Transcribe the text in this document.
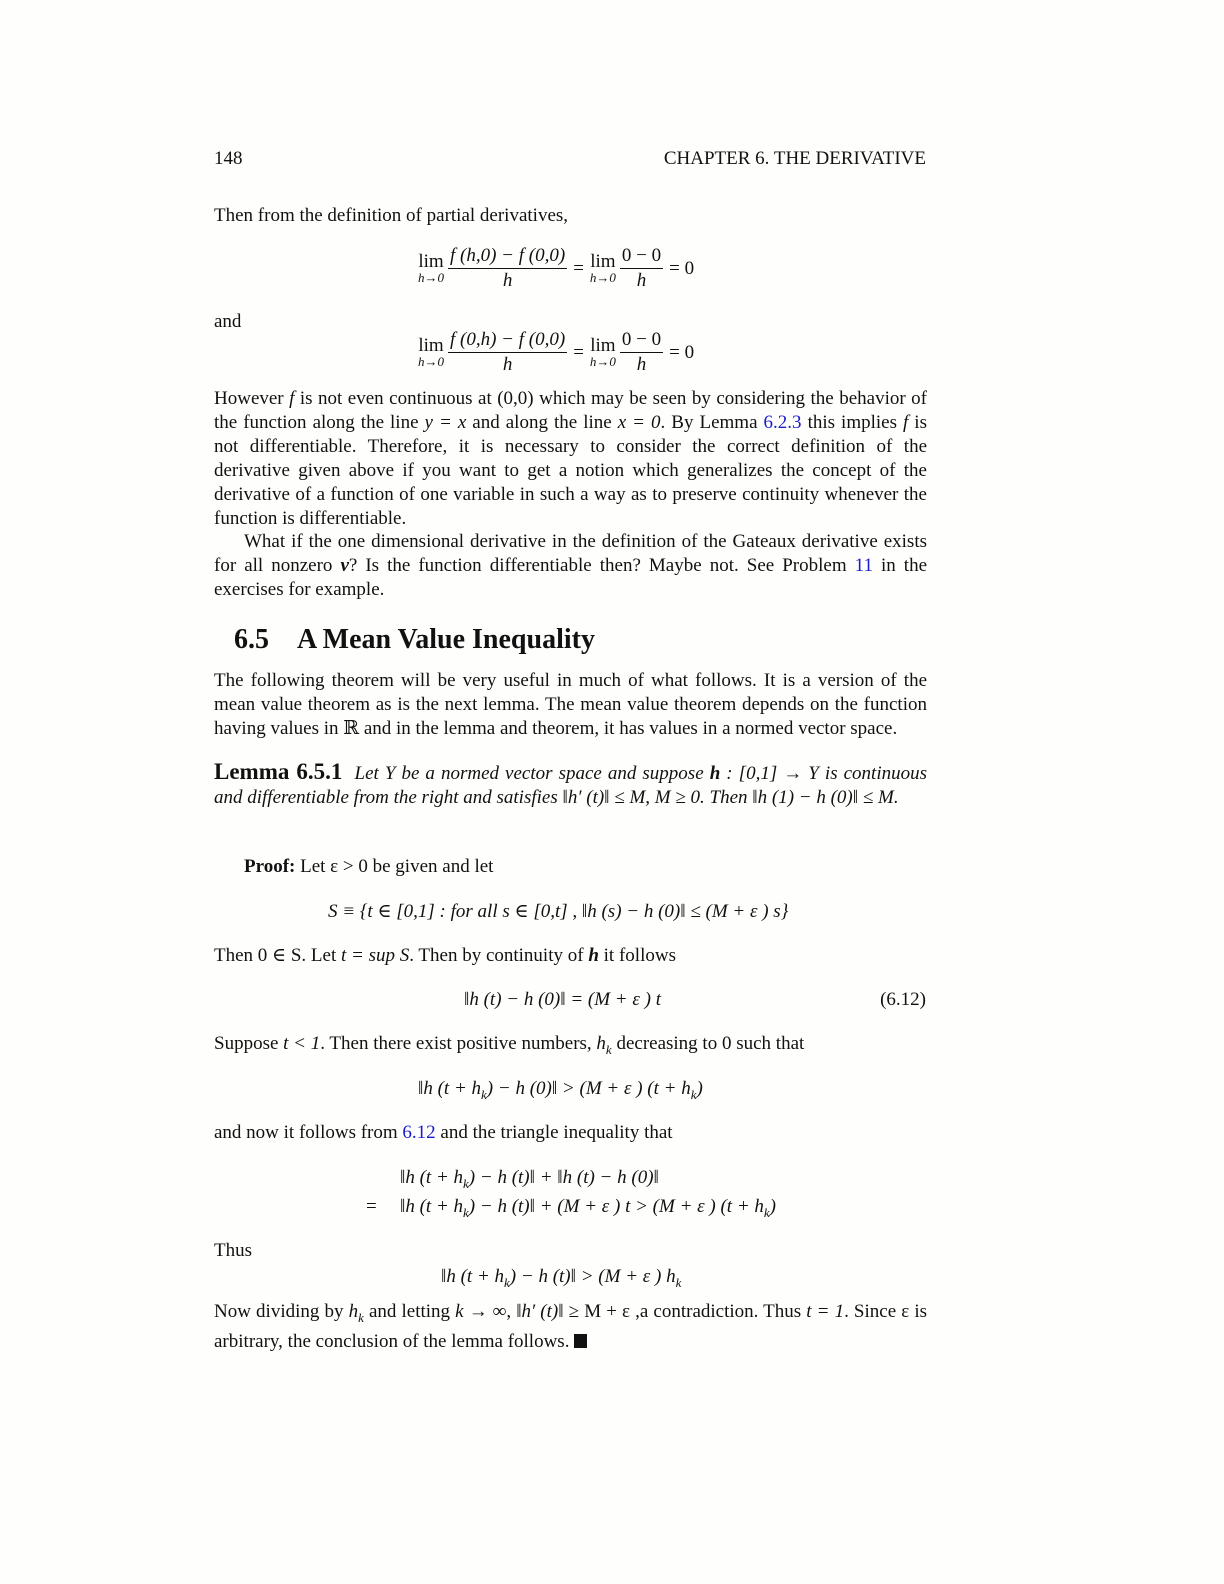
148	CHAPTER 6. THE DERIVATIVE
Then from the definition of partial derivatives,
lim
$h\to 0 \frac{f (h,0) - f (0,0)}{h} = \lim$
$h\to 0 \frac{0 - 0}{h} = 0$
and
lim
$h\to 0 \frac{f (0,h) - f (0,0)}{h} = \lim$
$h\to 0 \frac{0 - 0}{h} = 0$
However f is not even continuous at (0,0) which may be seen by considering the behavior of the function along the line y = x and along the line x = 0. By Lemma 6.2.3 this implies f is not differentiable. Therefore, it is necessary to consider the correct definition of the derivative given above if you want to get a notion which generalizes the concept of the derivative of a function of one variable in such a way as to preserve continuity whenever the function is differentiable.
What if the one dimensional derivative in the definition of the Gateaux derivative exists for all nonzero v? Is the function differentiable then? Maybe not. See Problem 11 in the exercises for example.
6.5 A Mean Value Inequality
The following theorem will be very useful in much of what follows. It is a version of the mean value theorem as is the next lemma. The mean value theorem depends on the function having values in ℝ and in the lemma and theorem, it has values in a normed vector space.
Lemma 6.5.1 Let Y be a normed vector space and suppose h : [0,1] → Y is continuous and differentiable from the right and satisfies ‖h′ (t)‖ ≤ M, M ≥ 0. Then ‖h (1) − h (0)‖ ≤ M.
Proof: Let ε > 0 be given and let
S ≡ {t ∈ [0,1] : for all s ∈ [0,t] , ‖h (s) − h (0)‖ ≤ (M + ε ) s}
Then 0 ∈ S. Let t = sup S. Then by continuity of h it follows
‖h (t) − h (0)‖ = (M + ε ) t	(6.12)
Suppose t < 1. Then there exist positive numbers, $h_k$ decreasing to 0 such that
‖h $(t + h_k) - h$ (0)‖ > (M + ε ) $(t + h_k)$
and now it follows from 6.12 and the triangle inequality that
‖h $(t + h_k) - h$ (t)‖ + ‖h (t) − h (0)‖
= ‖h $(t + h_k) - h$ (t)‖ + (M + ε ) t > (M + ε ) $(t + h_k)$
Thus
‖h $(t + h_k) - h$ (t)‖ > (M + ε ) $h_k$
Now dividing by $h_k$ and letting k → ∞, ‖h′ (t)‖ ≥ M + ε ,a contradiction. Thus t = 1. Since ε is arbitrary, the conclusion of the lemma follows.
